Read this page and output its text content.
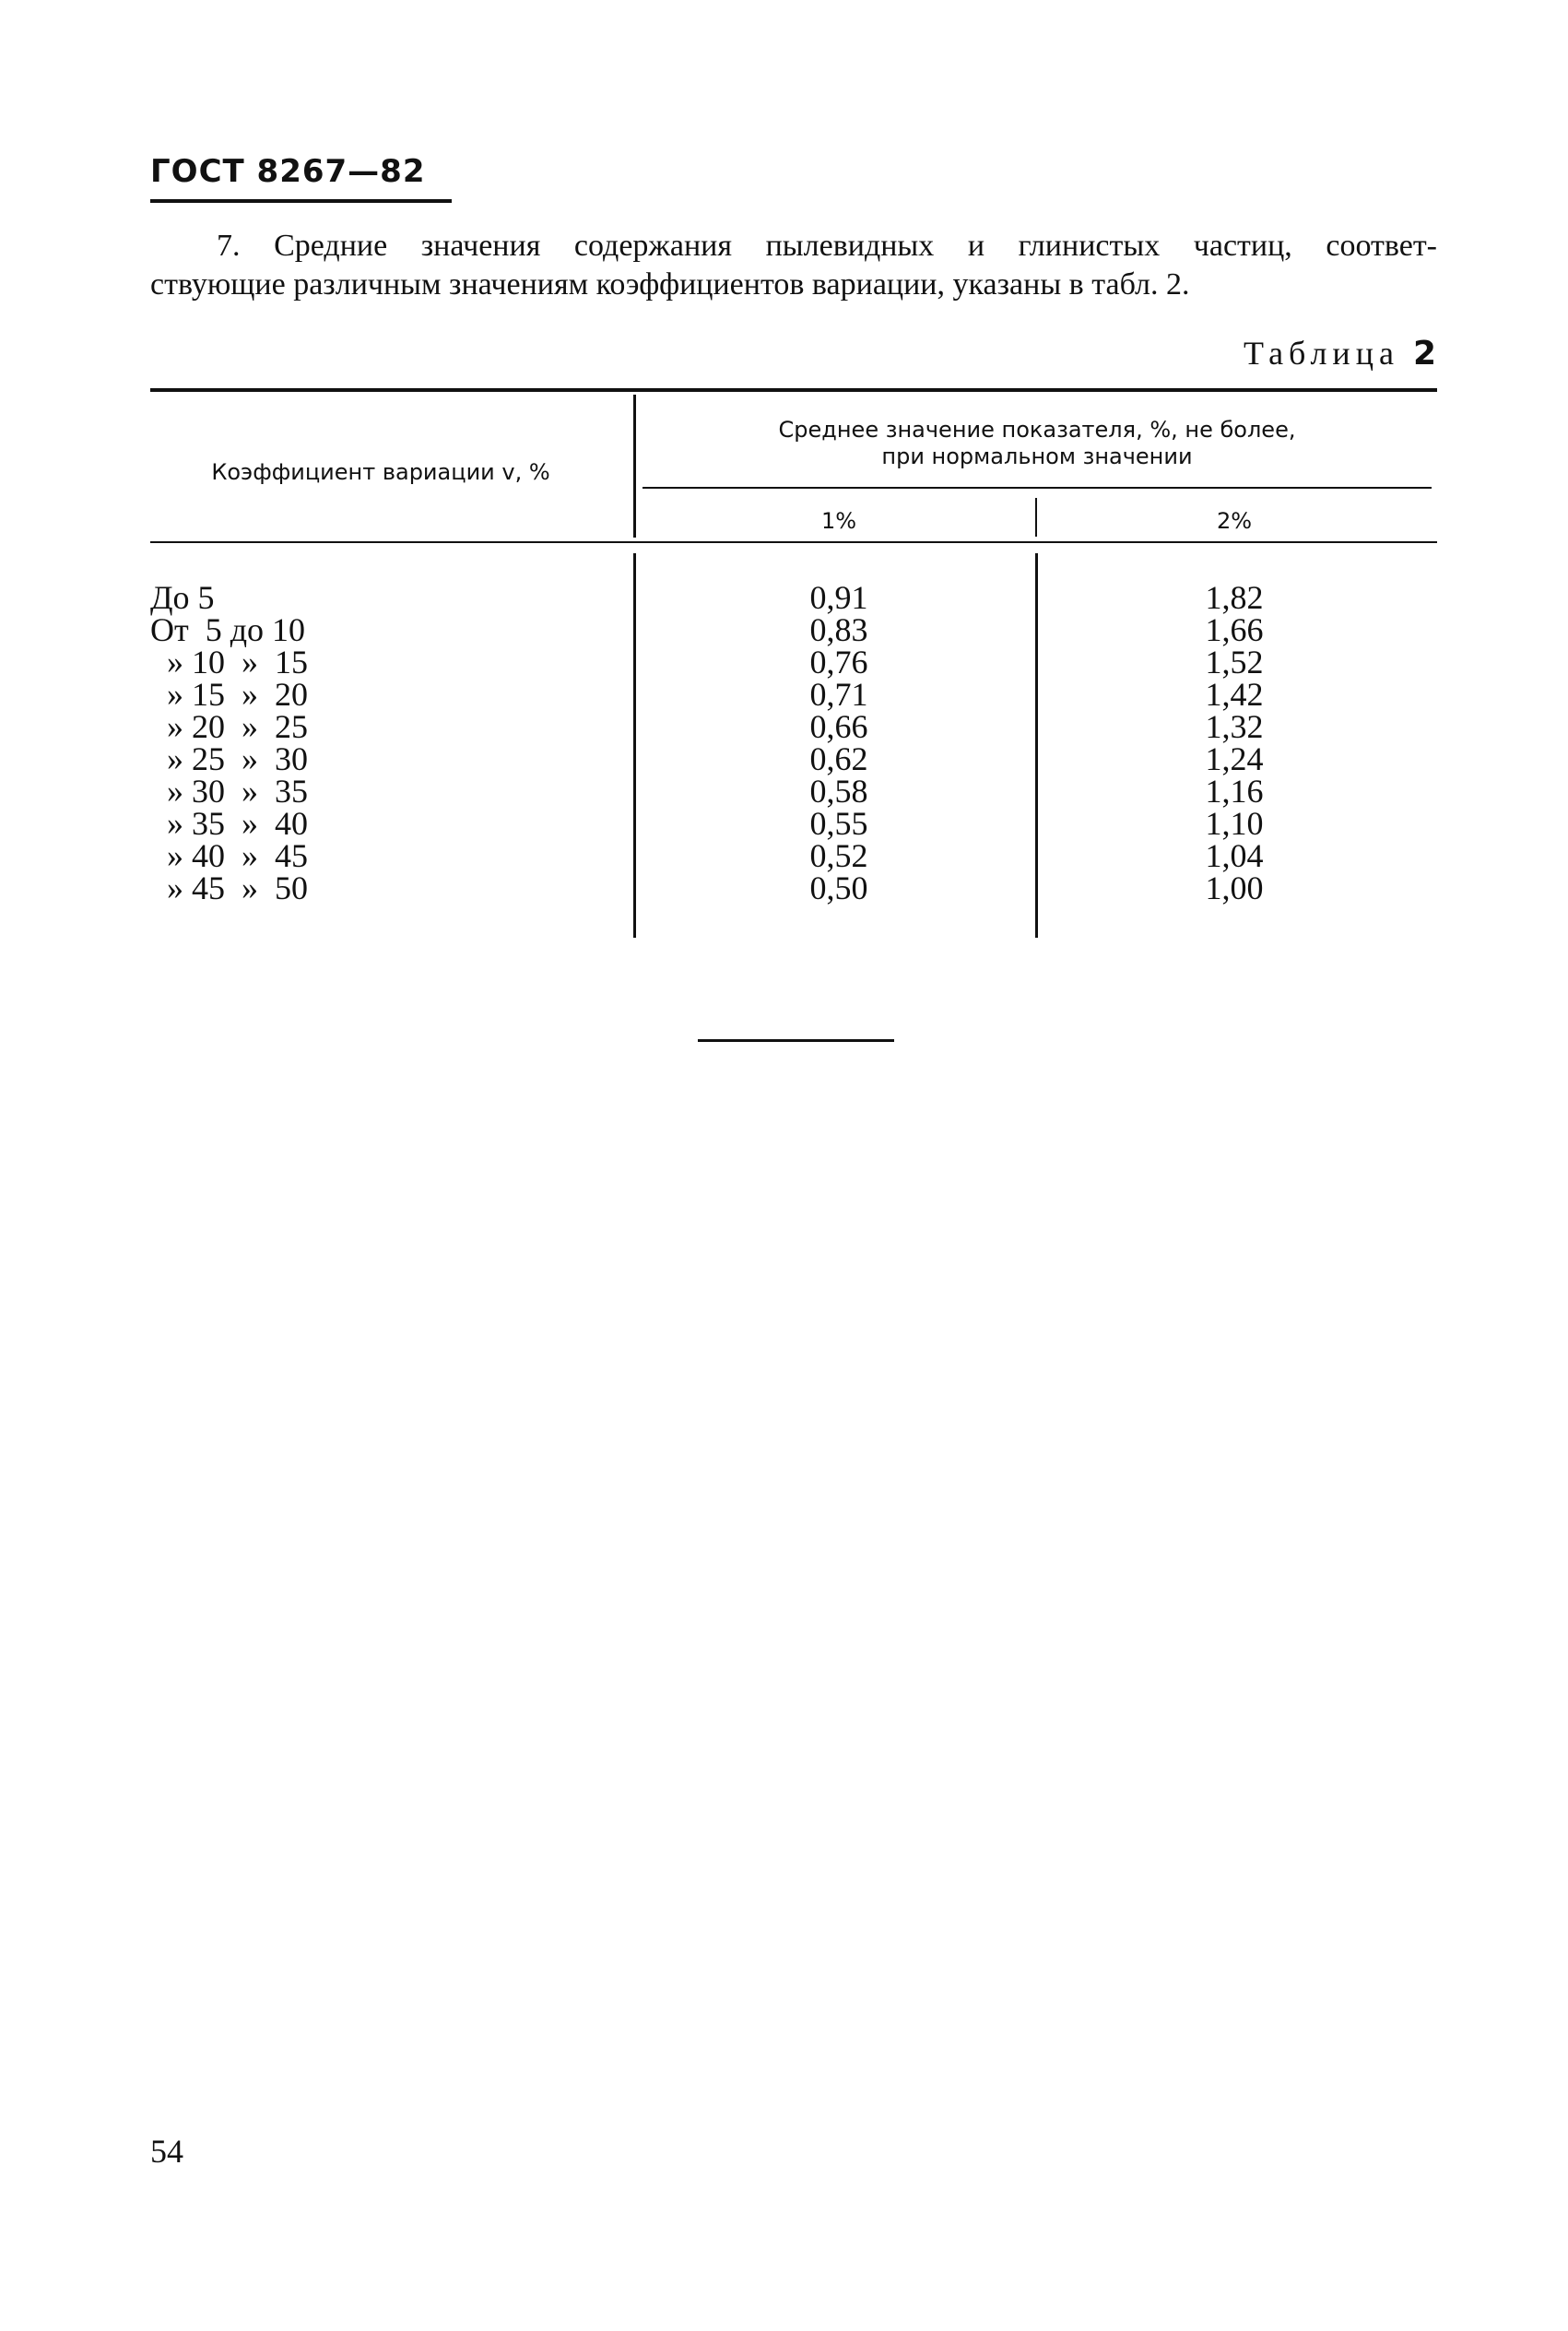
ГОСТ 8267—82
7. Средние значения содержания пылевидных и глинистых частиц, соответ-
ствующие различным значениям коэффициентов вариации, указаны в табл. 2.
Таблица 2
Коэффициент вариации v, %
Среднее значение показателя, %, не более,
при нормальном значении
1%	2%
До 5	0,91	1,82
От  5 до 10	0,83	1,66
» 10  »  15	0,76	1,52
» 15  »  20	0,71	1,42
» 20  »  25	0,66	1,32
» 25  »  30	0,62	1,24
» 30  »  35	0,58	1,16
» 35  »  40	0,55	1,10
» 40  »  45	0,52	1,04
» 45  »  50	0,50	1,00
54
